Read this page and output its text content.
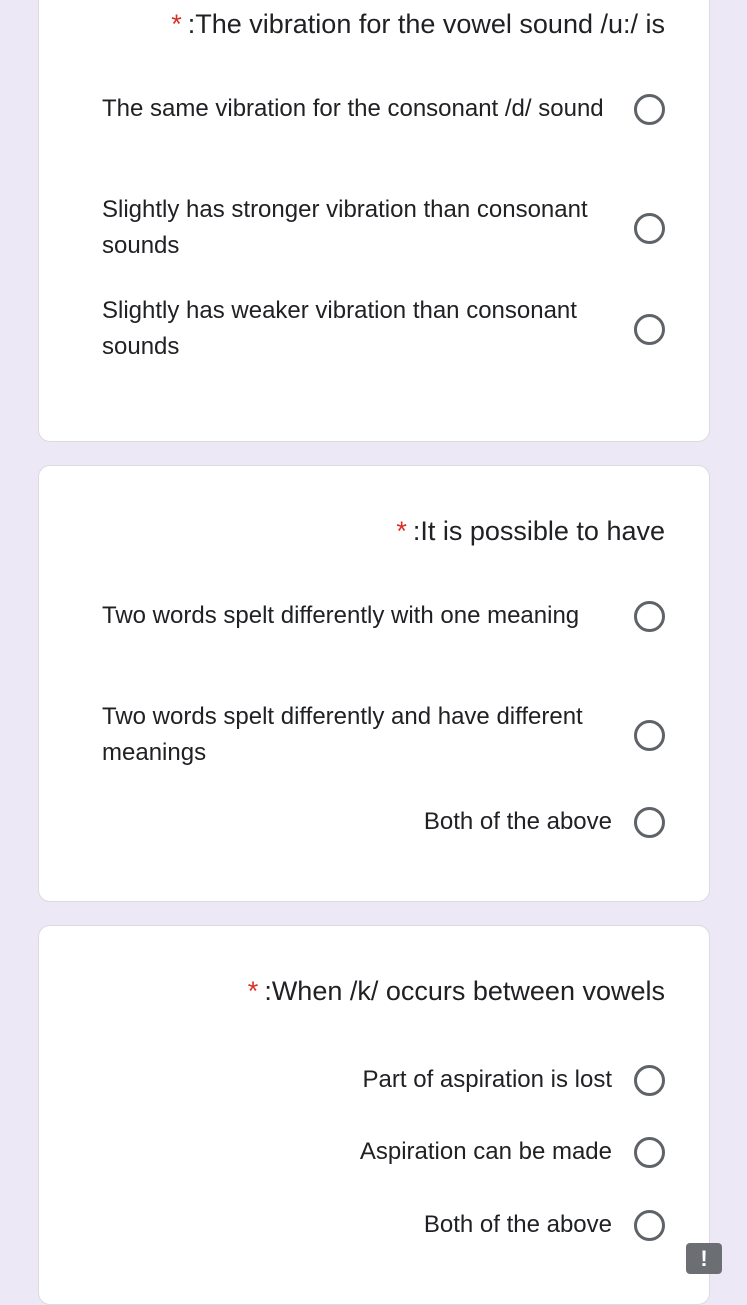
* :The vibration for the vowel sound /u:/ is
The same vibration for the consonant /d/ sound
Slightly has stronger vibration than consonant sounds
Slightly has weaker vibration than consonant sounds
* :It is possible to have
Two words spelt differently with one meaning
Two words spelt differently and have different meanings
Both of the above
* :When /k/ occurs between vowels
Part of aspiration is lost
Aspiration can be made
Both of the above
!
